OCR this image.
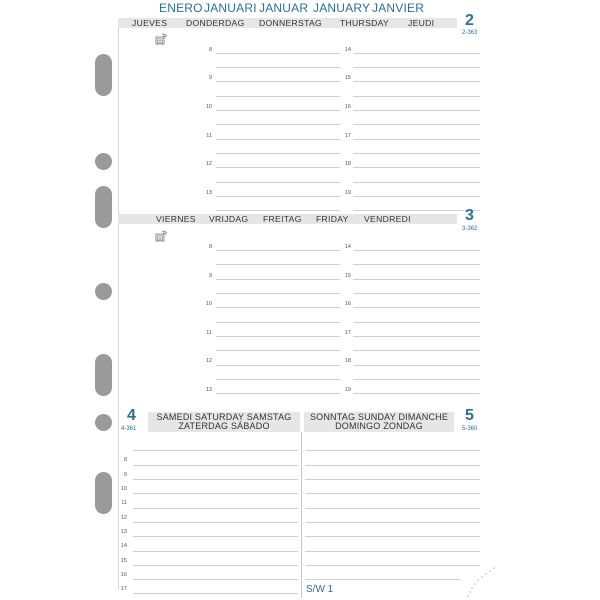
ENERO JANUARI JANUAR JANUARY JANVIER
JUEVES DONDERDAG DONNERSTAG THURSDAY JEUDI 2
2-363
8
9
10
11
12
13
14
15
16
17
18
19
VIERNES VRIJDAG FREITAG FRIDAY VENDREDI	3
3-362
8
9
10
11
12
13
14
15
16
17
18
19
4
4-361
5
5-360
SAMEDI SATURDAY SAMSTAG
ZATERDAG SÁBADO
SONNTAG SUNDAY DIMANCHE
DOMINGO ZONDAG
8
9
10
11
12
13
14
15
16
17	S/W 1
